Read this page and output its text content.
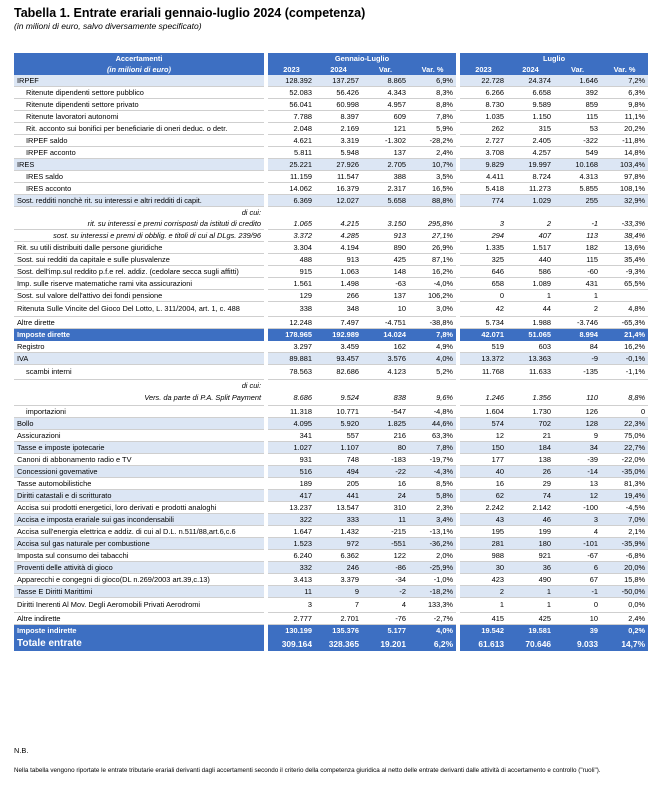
Tabella 1. Entrate erariali gennaio-luglio 2024 (competenza)
(in milioni di euro, salvo diversamente specificato)
Accertamenti		Gennaio-Luglio					Luglio			
(in milioni di euro)		2023	2024	Var.	Var. %		2023	2024	Var.	Var. %
IRPEF		128.392	137.257	8.865	6,9%		22.728	24.374	1.646	7,2%
Ritenute dipendenti settore pubblico		52.083	56.426	4.343	8,3%		6.266	6.658	392	6,3%
Ritenute dipendenti settore privato		56.041	60.998	4.957	8,8%		8.730	9.589	859	9,8%
Ritenute lavoratori autonomi		7.788	8.397	609	7,8%		1.035	1.150	115	11,1%
Rit. acconto sui bonifici per beneficiarie di oneri deduc. o detr.		2.048	2.169	121	5,9%		262	315	53	20,2%
IRPEF saldo		4.621	3.319	-1.302	-28,2%		2.727	2.405	-322	-11,8%
IRPEF acconto		5.811	5.948	137	2,4%		3.708	4.257	549	14,8%
IRES		25.221	27.926	2.705	10,7%		9.829	19.997	10.168	103,4%
IRES saldo		11.159	11.547	388	3,5%		4.411	8.724	4.313	97,8%
IRES acconto		14.062	16.379	2.317	16,5%		5.418	11.273	5.855	108,1%
Sost. redditi nonchè rit. su interessi e altri redditi di capit.		6.369	12.027	5.658	88,8%		774	1.029	255	32,9%
di cui:										
rit. su interessi e premi corrisposti da istituti di credito		1.065	4.215	3.150	295,8%		3	2	-1	-33,3%
sost. su interessi e premi di obblig. e titoli di cui al DLgs. 239/96		3.372	4.285	913	27,1%		294	407	113	38,4%
Rit. su utili distribuiti dalle persone giuridiche		3.304	4.194	890	26,9%		1.335	1.517	182	13,6%
Sost. sui redditi da capitale e sulle plusvalenze		488	913	425	87,1%		325	440	115	35,4%
Sost. dell'imp.sul reddito p.f.e rel. addiz. (cedolare secca sugli affitti)		915	1.063	148	16,2%		646	586	-60	-9,3%
Imp. sulle riserve matematiche rami vita assicurazioni		1.561	1.498	-63	-4,0%		658	1.089	431	65,5%
Sost. sul valore dell'attivo dei fondi pensione		129	266	137	106,2%		0	1	1	
Ritenuta Sulle Vincite del Gioco Del Lotto, L. 311/2004, art. 1, c. 488		338	348	10	3,0%		42	44	2	4,8%
Altre dirette		12.248	7.497	-4.751	-38,8%		5.734	1.988	-3.746	-65,3%
Imposte dirette		178.965	192.989	14.024	7,8%		42.071	51.065	8.994	21,4%
Registro		3.297	3.459	162	4,9%		519	603	84	16,2%
IVA		89.881	93.457	3.576	4,0%		13.372	13.363	-9	-0,1%
scambi interni		78.563	82.686	4.123	5,2%		11.768	11.633	-135	-1,1%
di cui:										
Vers. da parte di P.A. Split Payment		8.686	9.524	838	9,6%		1.246	1.356	110	8,8%
importazioni		11.318	10.771	-547	-4,8%		1.604	1.730	126	0
Bollo		4.095	5.920	1.825	44,6%		574	702	128	22,3%
Assicurazioni		341	557	216	63,3%		12	21	9	75,0%
Tasse e imposte ipotecarie		1.027	1.107	80	7,8%		150	184	34	22,7%
Canoni di abbonamento radio e TV		931	748	-183	-19,7%		177	138	-39	-22,0%
Concessioni governative		516	494	-22	-4,3%		40	26	-14	-35,0%
Tasse automobilistiche		189	205	16	8,5%		16	29	13	81,3%
Diritti catastali e di scritturato		417	441	24	5,8%		62	74	12	19,4%
Accisa sui prodotti energetici, loro derivati e prodotti analoghi		13.237	13.547	310	2,3%		2.242	2.142	-100	-4,5%
Accisa e imposta erariale sui gas incondensabili		322	333	11	3,4%		43	46	3	7,0%
Accisa sull'energia elettrica e addiz. di cui al D.L. n.511/88,art.6,c.6		1.647	1.432	-215	-13,1%		195	199	4	2,1%
Accisa sul gas naturale per combustione		1.523	972	-551	-36,2%		281	180	-101	-35,9%
Imposta sul consumo dei tabacchi		6.240	6.362	122	2,0%		988	921	-67	-6,8%
Proventi delle attività di gioco		332	246	-86	-25,9%		30	36	6	20,0%
Apparecchi e congegni di gioco(DL n.269/2003 art.39,c.13)		3.413	3.379	-34	-1,0%		423	490	67	15,8%
Tasse E Diritti Marittimi		11	9	-2	-18,2%		2	1	-1	-50,0%
Diritti Inerenti Al Mov. Degli Aeromobili Privati Aerodromi		3	7	4	133,3%		1	1	0	0,0%
Altre indirette		2.777	2.701	-76	-2,7%		415	425	10	2,4%
Imposte indirette		130.199	135.376	5.177	4,0%		19.542	19.581	39	0,2%
Totale entrate		309.164	328.365	19.201	6,2%		61.613	70.646	9.033	14,7%
N.B.
Nella tabella vengono riportate le entrate tributarie erariali derivanti dagli accertamenti secondo il criterio della competenza giuridica al netto delle entrate derivanti dalle attività di accertamento e controllo ("ruoli").
